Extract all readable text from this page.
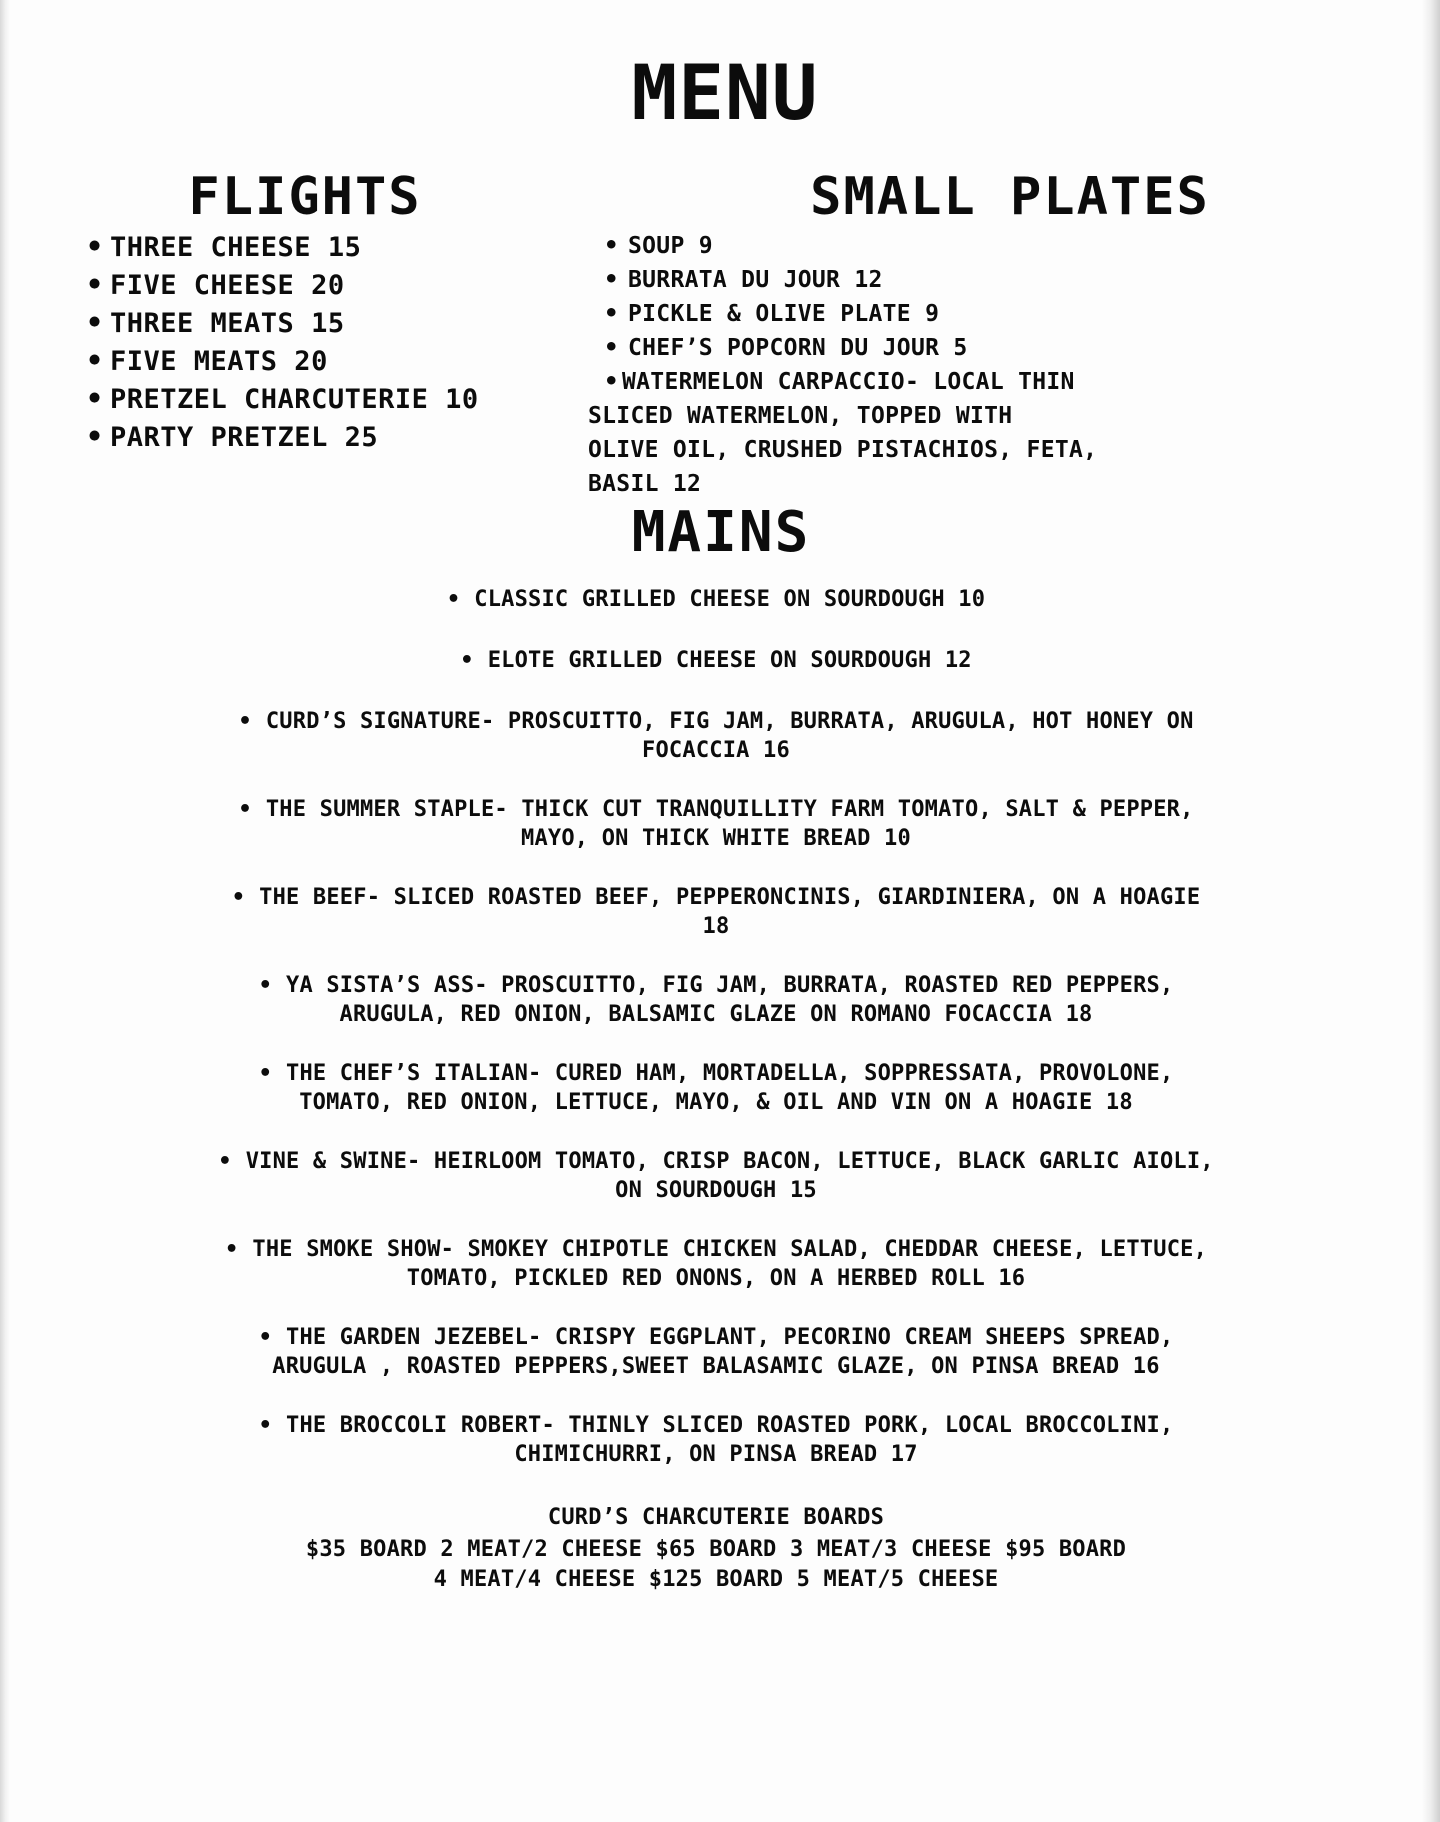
MENU
FLIGHTS
• THREE CHEESE 15
• FIVE CHEESE 20
• THREE MEATS 15
• FIVE MEATS 20
• PRETZEL CHARCUTERIE 10
• PARTY PRETZEL 25
SMALL PLATES
• SOUP 9
• BURRATA DU JOUR 12
• PICKLE & OLIVE PLATE 9
• CHEF’S POPCORN DU JOUR 5
• WATERMELON CARPACCIO- LOCAL THIN
SLICED WATERMELON, TOPPED WITH
OLIVE OIL, CRUSHED PISTACHIOS, FETA,
BASIL 12
MAINS
• CLASSIC GRILLED CHEESE ON SOURDOUGH 10
• ELOTE GRILLED CHEESE ON SOURDOUGH 12
• CURD’S SIGNATURE- PROSCUITTO, FIG JAM, BURRATA, ARUGULA, HOT HONEY ON
FOCACCIA 16
• THE SUMMER STAPLE- THICK CUT TRANQUILLITY FARM TOMATO, SALT & PEPPER,
MAYO, ON THICK WHITE BREAD 10
• THE BEEF- SLICED ROASTED BEEF, PEPPERONCINIS, GIARDINIERA, ON A HOAGIE
18
• YA SISTA’S ASS- PROSCUITTO, FIG JAM, BURRATA, ROASTED RED PEPPERS,
ARUGULA, RED ONION, BALSAMIC GLAZE ON ROMANO FOCACCIA 18
• THE CHEF’S ITALIAN- CURED HAM, MORTADELLA, SOPPRESSATA, PROVOLONE,
TOMATO, RED ONION, LETTUCE, MAYO, & OIL AND VIN ON A HOAGIE 18
• VINE & SWINE- HEIRLOOM TOMATO, CRISP BACON, LETTUCE, BLACK GARLIC AIOLI,
ON SOURDOUGH 15
• THE SMOKE SHOW- SMOKEY CHIPOTLE CHICKEN SALAD, CHEDDAR CHEESE, LETTUCE,
TOMATO, PICKLED RED ONONS, ON A HERBED ROLL 16
• THE GARDEN JEZEBEL- CRISPY EGGPLANT, PECORINO CREAM SHEEPS SPREAD,
ARUGULA , ROASTED PEPPERS,SWEET BALASAMIC GLAZE, ON PINSA BREAD 16
• THE BROCCOLI ROBERT- THINLY SLICED ROASTED PORK, LOCAL BROCCOLINI,
CHIMICHURRI, ON PINSA BREAD 17
CURD’S CHARCUTERIE BOARDS
$35 BOARD 2 MEAT/2 CHEESE $65 BOARD 3 MEAT/3 CHEESE $95 BOARD
4 MEAT/4 CHEESE $125 BOARD 5 MEAT/5 CHEESE
